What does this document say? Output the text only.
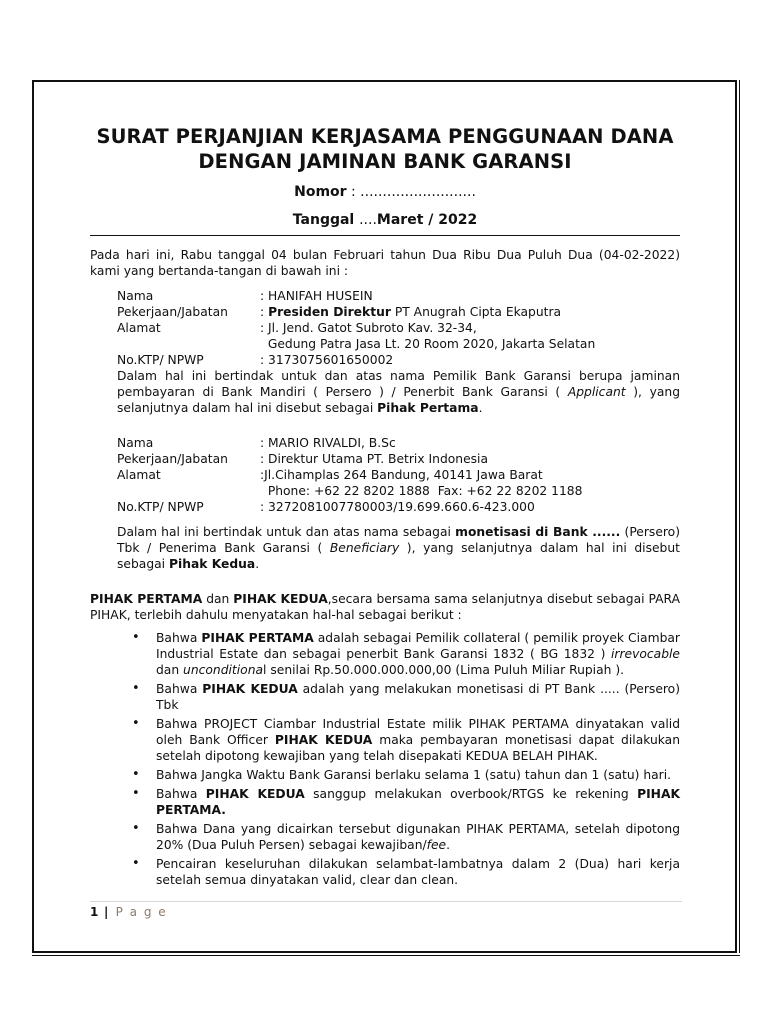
SURAT PERJANJIAN KERJASAMA PENGGUNAAN DANA
DENGAN JAMINAN BANK GARANSI
Nomor : ..........................
Tanggal ....Maret / 2022

Pada hari ini, Rabu tanggal 04 bulan Februari tahun Dua Ribu Dua Puluh Dua (04-02-2022) kami yang bertanda-tangan di bawah ini :

Nama	: HANIFAH HUSEIN
Pekerjaan/Jabatan	: Presiden Direktur PT Anugrah Cipta Ekaputra
Alamat	: Jl. Jend. Gatot Subroto Kav. 32-34,
Gedung Patra Jasa Lt. 20 Room 2020, Jakarta Selatan
No.KTP/ NPWP	: 3173075601650002

Dalam hal ini bertindak untuk dan atas nama Pemilik Bank Garansi berupa jaminan pembayaran di Bank Mandiri ( Persero ) / Penerbit Bank Garansi ( Applicant ), yang selanjutnya dalam hal ini disebut sebagai Pihak Pertama.

Nama	: MARIO RIVALDI, B.Sc
Pekerjaan/Jabatan	: Direktur Utama PT. Betrix Indonesia
Alamat	:Jl.Cihamplas 264 Bandung, 40141 Jawa Barat
Phone: +62 22 8202 1888  Fax: +62 22 8202 1188
No.KTP/ NPWP	: 3272081007780003/19.699.660.6-423.000

Dalam hal ini bertindak untuk dan atas nama sebagai monetisasi di Bank ...... (Persero) Tbk / Penerima Bank Garansi ( Beneficiary ), yang selanjutnya dalam hal ini disebut sebagai Pihak Kedua.

PIHAK PERTAMA dan PIHAK KEDUA,secara bersama sama selanjutnya disebut sebagai PARA PIHAK, terlebih dahulu menyatakan hal-hal sebagai berikut :

• Bahwa PIHAK PERTAMA adalah sebagai Pemilik collateral ( pemilik proyek Ciambar Industrial Estate dan sebagai penerbit Bank Garansi 1832 ( BG 1832 ) irrevocable dan unconditional senilai Rp.50.000.000.000,00 (Lima Puluh Miliar Rupiah ).
• Bahwa PIHAK KEDUA adalah yang melakukan monetisasi di PT Bank ..... (Persero) Tbk
• Bahwa PROJECT Ciambar Industrial Estate milik PIHAK PERTAMA dinyatakan valid oleh Bank Officer PIHAK KEDUA maka pembayaran monetisasi dapat dilakukan setelah dipotong kewajiban yang telah disepakati KEDUA BELAH PIHAK.
• Bahwa Jangka Waktu Bank Garansi berlaku selama 1 (satu) tahun dan 1 (satu) hari.
• Bahwa PIHAK KEDUA sanggup melakukan overbook/RTGS ke rekening PIHAK PERTAMA.
• Bahwa Dana yang dicairkan tersebut digunakan PIHAK PERTAMA, setelah dipotong 20% (Dua Puluh Persen) sebagai kewajiban/fee.
• Pencairan keseluruhan dilakukan selambat-lambatnya dalam 2 (Dua) hari kerja setelah semua dinyatakan valid, clear dan clean.
1 | P a g e
